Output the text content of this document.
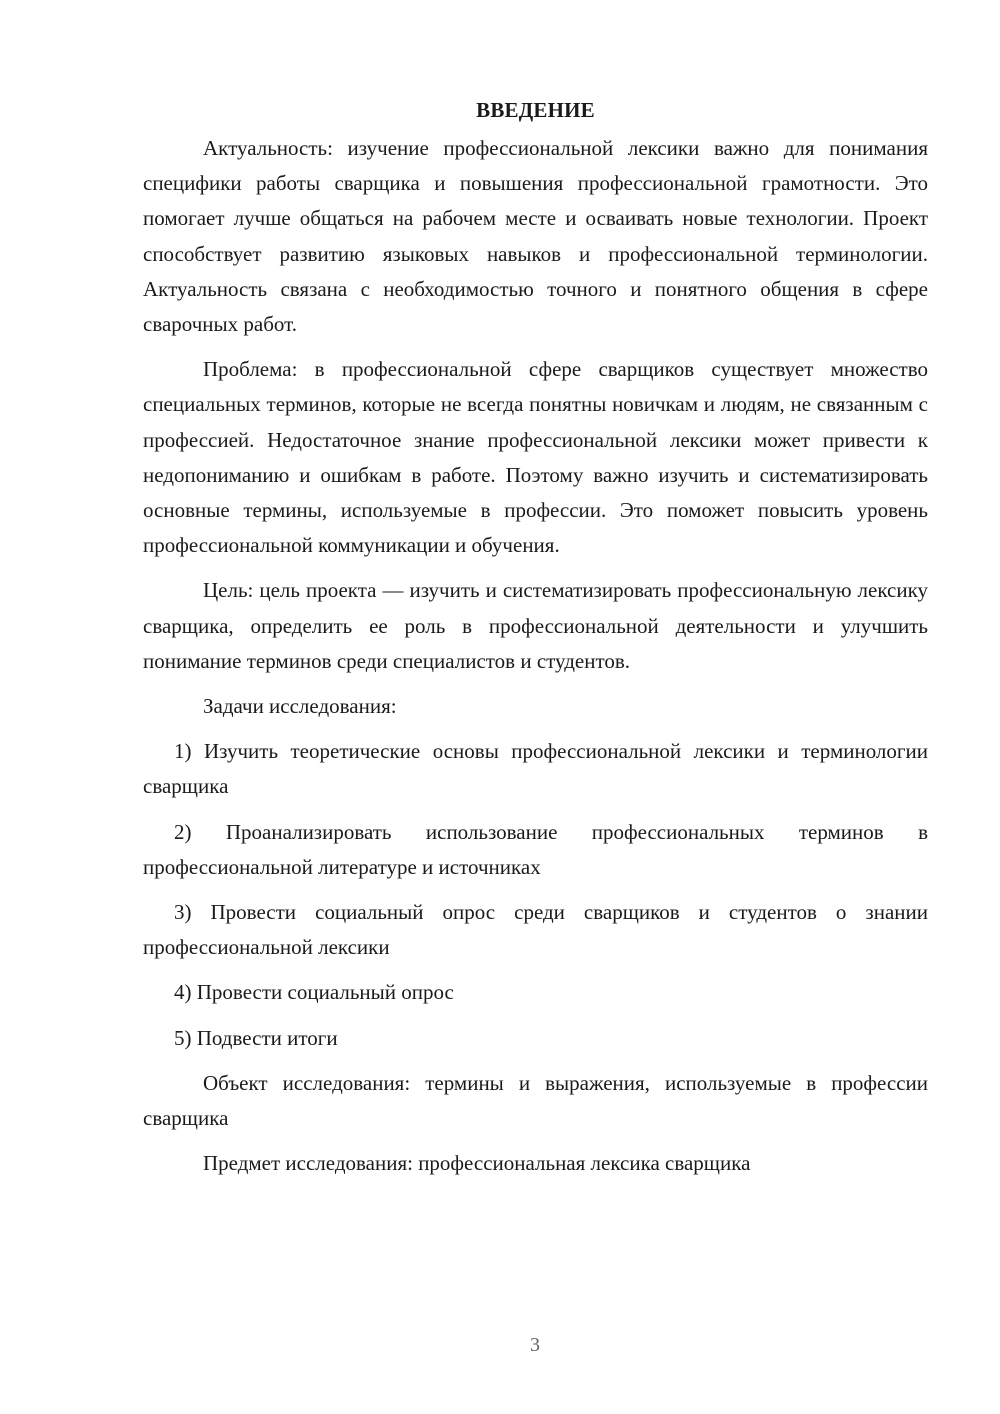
ВВЕДЕНИЕ

Актуальность: изучение профессиональной лексики важно для понимания специфики работы сварщика и повышения профессиональной грамотности. Это помогает лучше общаться на рабочем месте и осваивать новые технологии. Проект способствует развитию языковых навыков и профессиональной терминологии. Актуальность связана с необходимостью точного и понятного общения в сфере сварочных работ.

Проблема: в профессиональной сфере сварщиков существует множество специальных терминов, которые не всегда понятны новичкам и людям, не связанным с профессией. Недостаточное знание профессиональной лексики может привести к недопониманию и ошибкам в работе. Поэтому важно изучить и систематизировать основные термины, используемые в профессии. Это поможет повысить уровень профессиональной коммуникации и обучения.

Цель: цель проекта — изучить и систематизировать профессиональную лексику сварщика, определить ее роль в профессиональной деятельности и улучшить понимание терминов среди специалистов и студентов.

Задачи исследования:

1) Изучить теоретические основы профессиональной лексики и терминологии сварщика

2) Проанализировать использование профессиональных терминов в профессиональной литературе и источниках

3) Провести социальный опрос среди сварщиков и студентов о знании профессиональной лексики

4) Провести социальный опрос

5) Подвести итоги

Объект исследования: термины и выражения, используемые в профессии сварщика

Предмет исследования: профессиональная лексика сварщика

3
